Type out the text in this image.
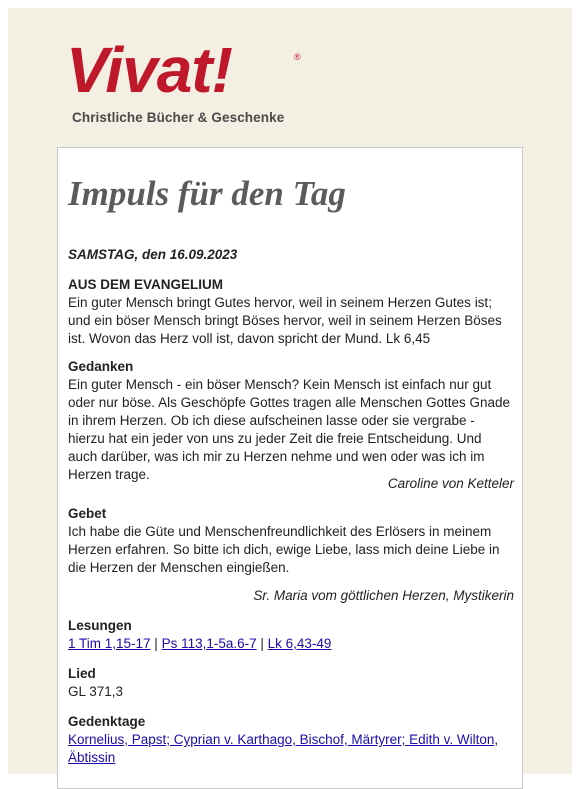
Vivat!	®
Christliche Bücher & Geschenke
Impuls für den Tag
SAMSTAG, den 16.09.2023
AUS DEM EVANGELIUM

Ein guter Mensch bringt Gutes hervor, weil in seinem Herzen Gutes ist; und ein böser Mensch bringt Böses hervor, weil in seinem Herzen Böses ist. Wovon das Herz voll ist, davon spricht der Mund. Lk 6,45

Gedanken

Ein guter Mensch - ein böser Mensch? Kein Mensch ist einfach nur gut oder nur böse. Als Geschöpfe Gottes tragen alle Menschen Gottes Gnade in ihrem Herzen. Ob ich diese aufscheinen lasse oder sie vergrabe - hierzu hat ein jeder von uns zu jeder Zeit die freie Entscheidung. Und auch darüber, was ich mir zu Herzen nehme und wen oder was ich im Herzen trage.

Caroline von Ketteler
Gebet

Ich habe die Güte und Menschenfreundlichkeit des Erlösers in meinem Herzen erfahren. So bitte ich dich, ewige Liebe, lass mich deine Liebe in die Herzen der Menschen eingießen.

Sr. Maria vom göttlichen Herzen, Mystikerin
Lesungen

1 Tim 1,15-17 | Ps 113,1-5a.6-7 | Lk 6,43-49

Lied

GL 371,3

Gedenktage

Kornelius, Papst; Cyprian v. Karthago, Bischof, Märtyrer; Edith v. Wilton, Äbtissin
